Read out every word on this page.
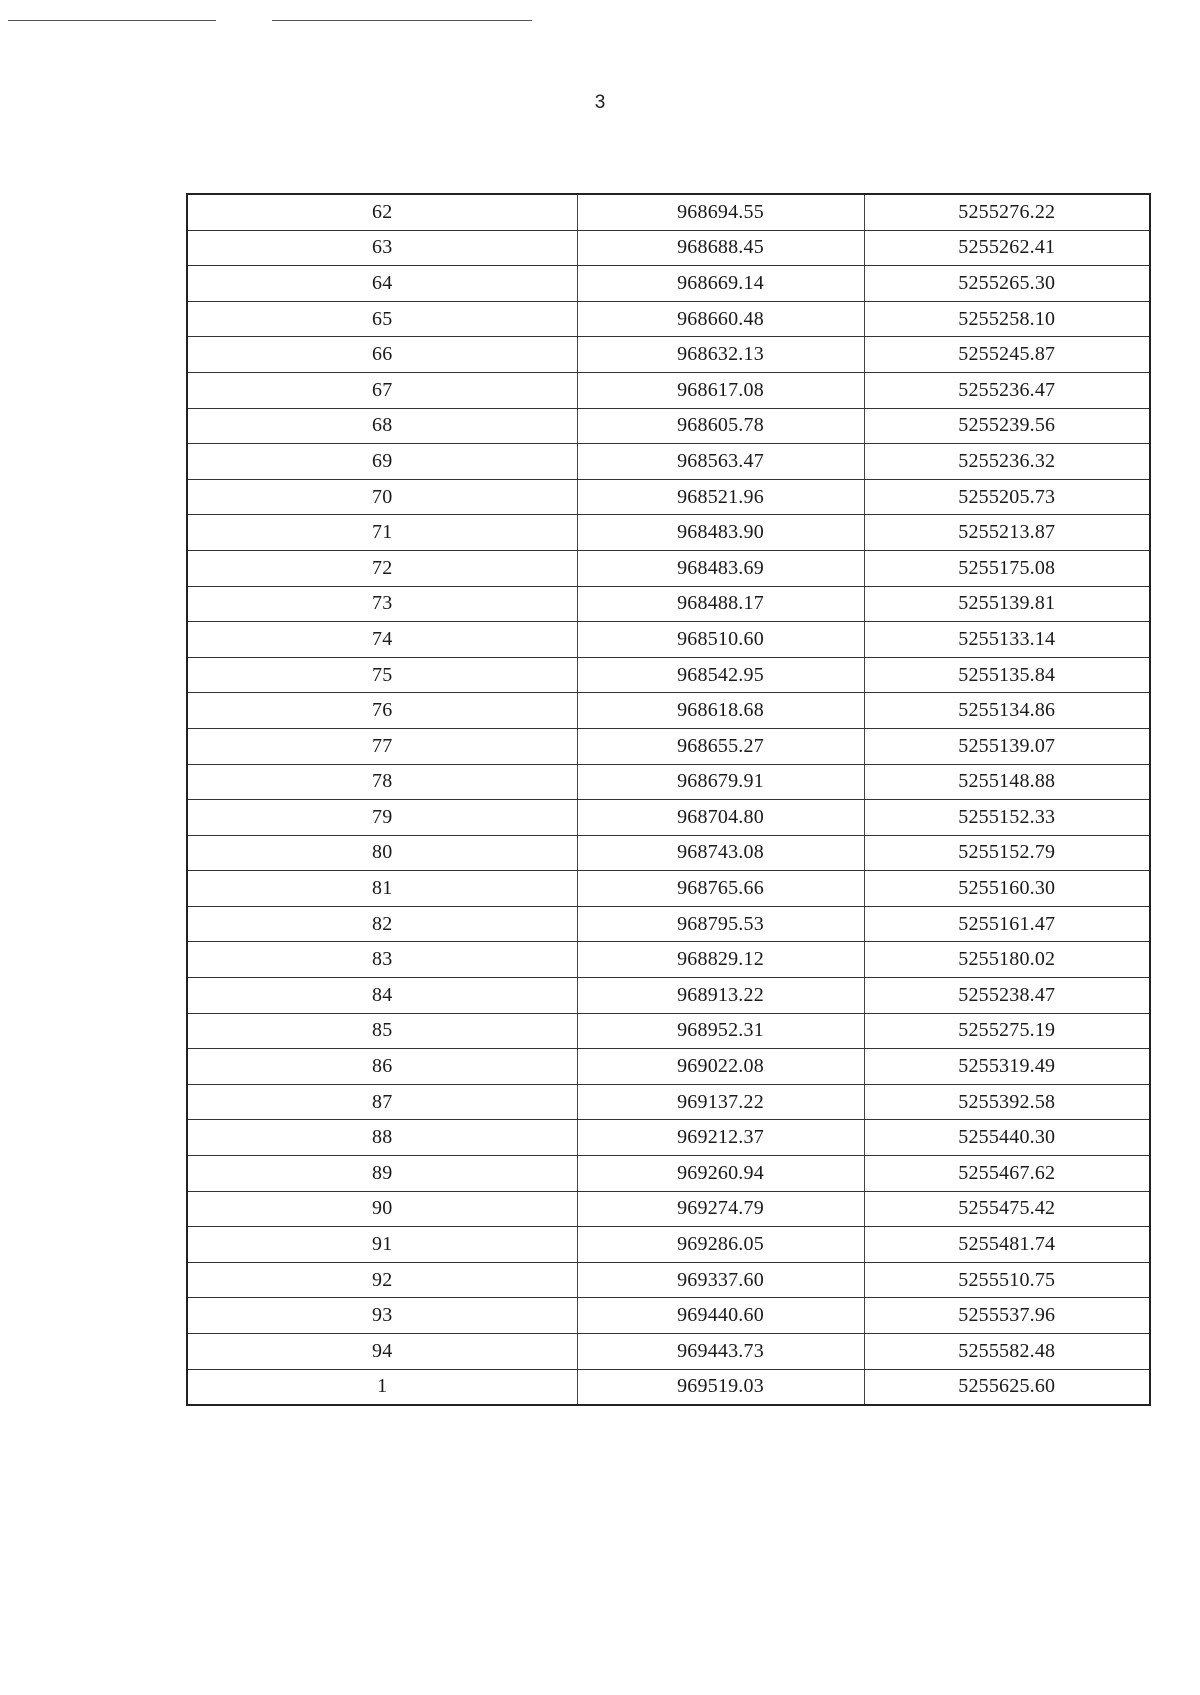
3
62	968694.55	5255276.22
63	968688.45	5255262.41
64	968669.14	5255265.30
65	968660.48	5255258.10
66	968632.13	5255245.87
67	968617.08	5255236.47
68	968605.78	5255239.56
69	968563.47	5255236.32
70	968521.96	5255205.73
71	968483.90	5255213.87
72	968483.69	5255175.08
73	968488.17	5255139.81
74	968510.60	5255133.14
75	968542.95	5255135.84
76	968618.68	5255134.86
77	968655.27	5255139.07
78	968679.91	5255148.88
79	968704.80	5255152.33
80	968743.08	5255152.79
81	968765.66	5255160.30
82	968795.53	5255161.47
83	968829.12	5255180.02
84	968913.22	5255238.47
85	968952.31	5255275.19
86	969022.08	5255319.49
87	969137.22	5255392.58
88	969212.37	5255440.30
89	969260.94	5255467.62
90	969274.79	5255475.42
91	969286.05	5255481.74
92	969337.60	5255510.75
93	969440.60	5255537.96
94	969443.73	5255582.48
1	969519.03	5255625.60
